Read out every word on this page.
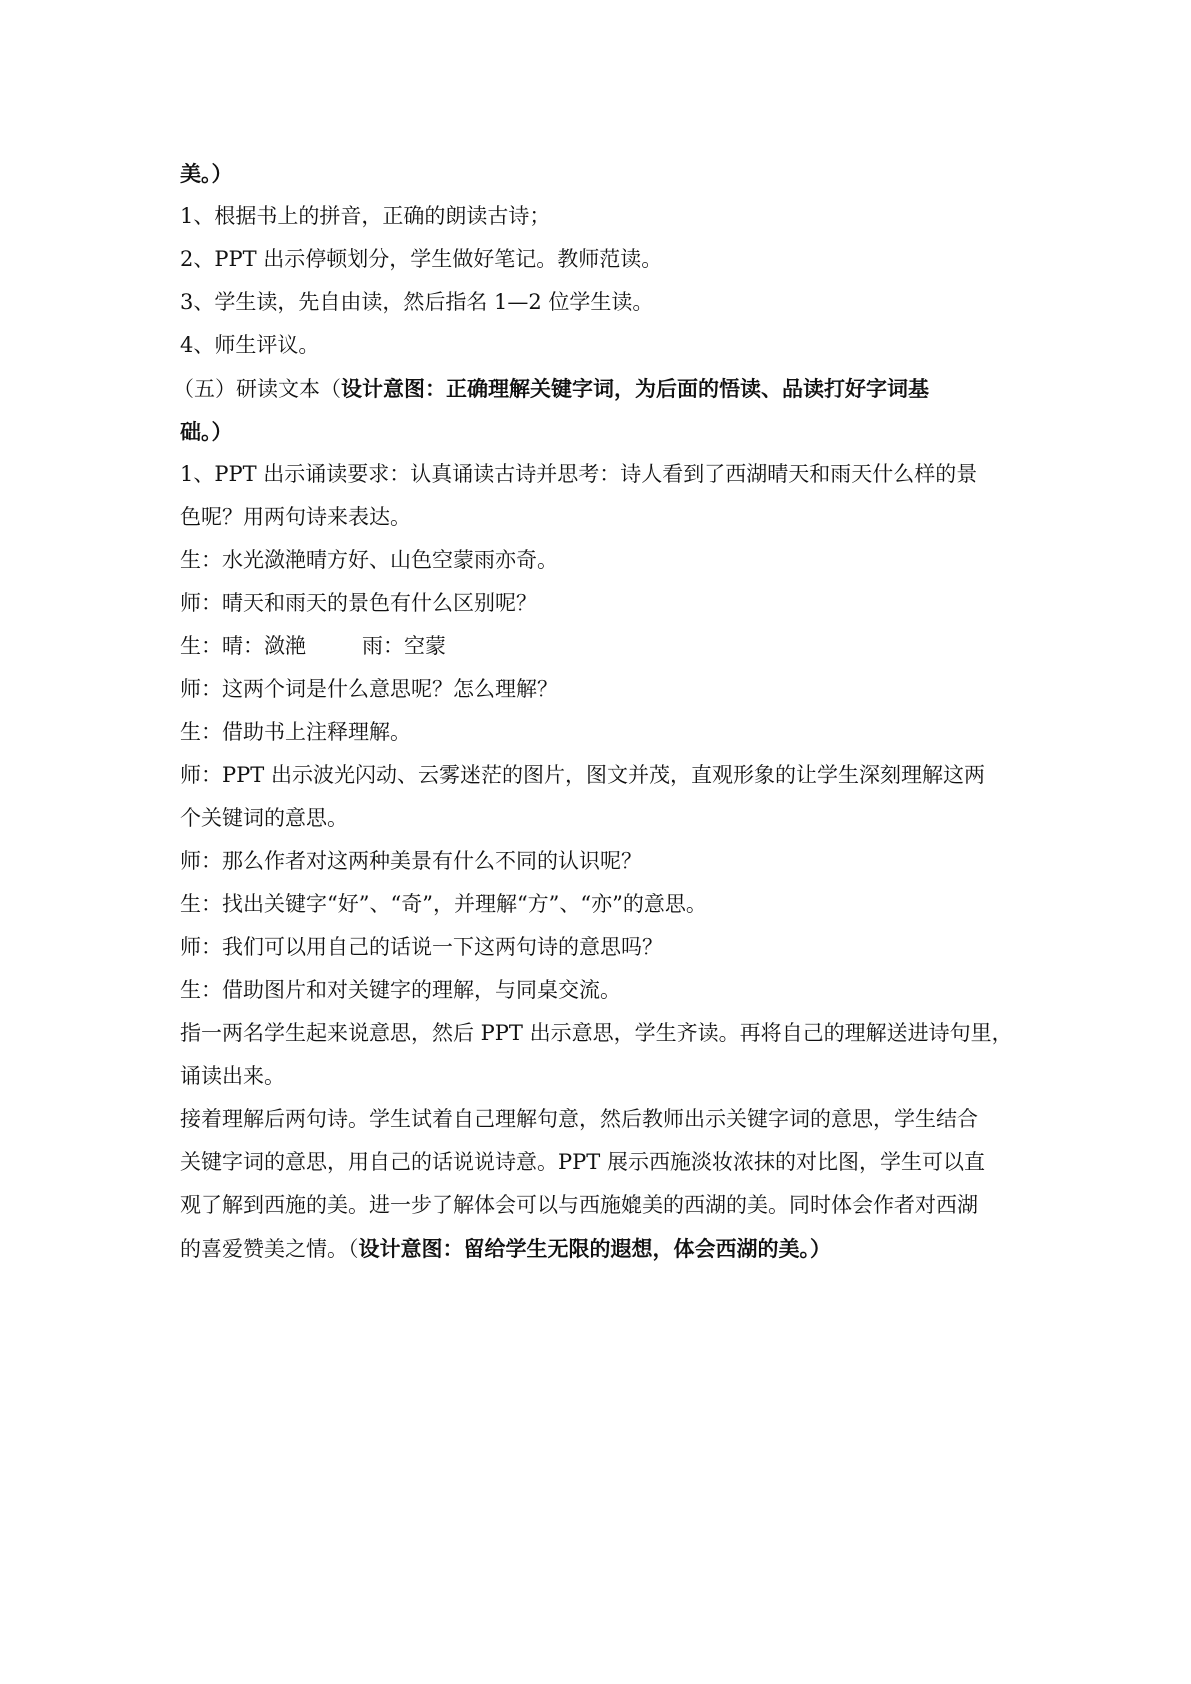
美。）
1、根据书上的拼音，正确的朗读古诗；
2、PPT 出示停顿划分，学生做好笔记。教师范读。
3、学生读，先自由读，然后指名 1—2 位学生读。
4、师生评议。
（五）研读文本（设计意图：正确理解关键字词，为后面的悟读、品读打好字词基
础。）
1、PPT 出示诵读要求：认真诵读古诗并思考：诗人看到了西湖晴天和雨天什么样的景
色呢？用两句诗来表达。
生：水光潋滟晴方好、山色空蒙雨亦奇。
师：晴天和雨天的景色有什么区别呢？
生：晴：潋滟	雨：空蒙
师：这两个词是什么意思呢？怎么理解？
生：借助书上注释理解。
师：PPT 出示波光闪动、云雾迷茫的图片，图文并茂，直观形象的让学生深刻理解这两
个关键词的意思。
师：那么作者对这两种美景有什么不同的认识呢？
生：找出关键字“好”、“奇”，并理解“方”、“亦”的意思。
师：我们可以用自己的话说一下这两句诗的意思吗？
生：借助图片和对关键字的理解，与同桌交流。
指一两名学生起来说意思，然后 PPT 出示意思，学生齐读。再将自己的理解送进诗句里，
诵读出来。
接着理解后两句诗。学生试着自己理解句意，然后教师出示关键字词的意思，学生结合
关键字词的意思，用自己的话说说诗意。PPT 展示西施淡妆浓抹的对比图，学生可以直
观了解到西施的美。进一步了解体会可以与西施媲美的西湖的美。同时体会作者对西湖
的喜爱赞美之情。（设计意图：留给学生无限的遐想，体会西湖的美。）
